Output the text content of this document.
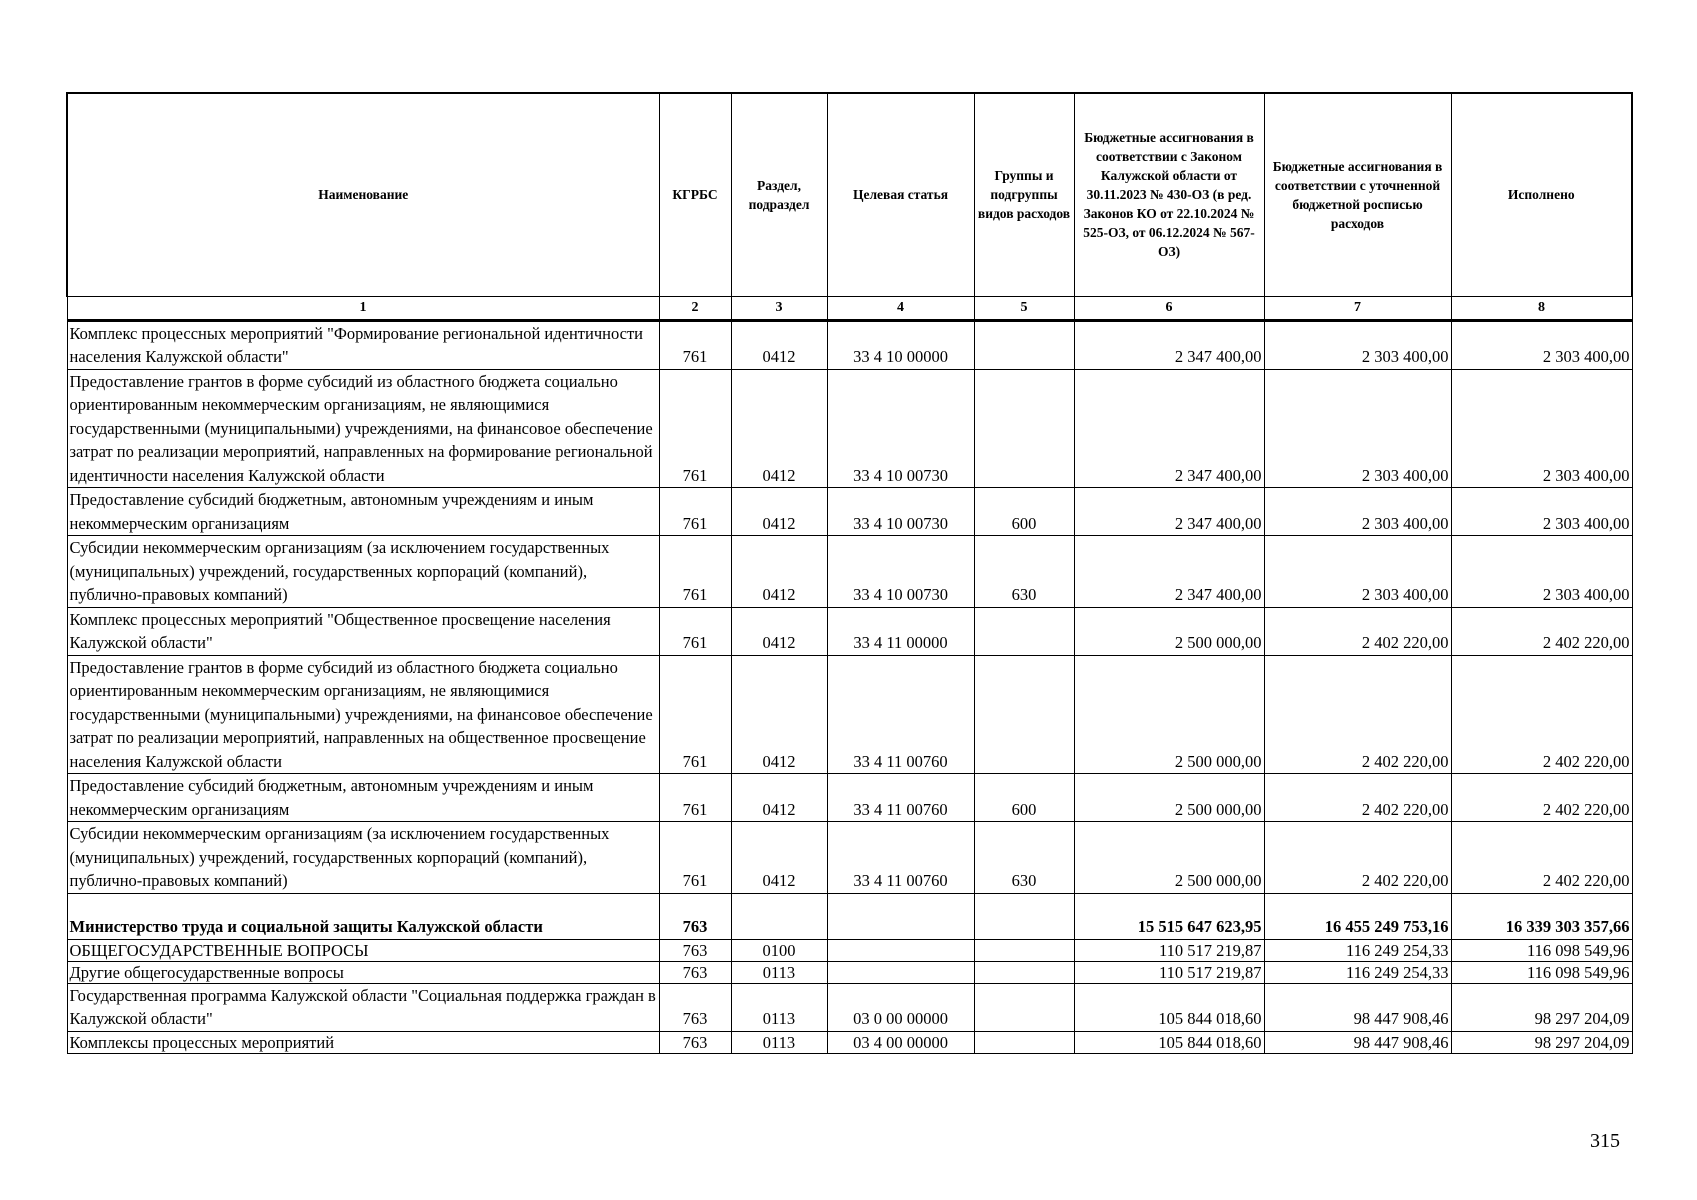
Наименование	КГРБС	Раздел, подраздел	Целевая статья	Группы и подгруппы видов расходов	Бюджетные ассигнования в соответствии с Законом Калужской области от 30.11.2023 № 430-ОЗ (в ред. Законов КО от 22.10.2024 № 525-ОЗ, от 06.12.2024 № 567-ОЗ)	Бюджетные ассигнования в соответствии с уточненной бюджетной росписью расходов	Исполнено
1	2	3	4	5	6	7	8
Комплекс процессных мероприятий "Формирование региональной идентичности населения Калужской области"	761	0412	33 4 10 00000		2 347 400,00	2 303 400,00	2 303 400,00
Предоставление грантов в форме субсидий из областного бюджета социально ориентированным некоммерческим организациям, не являющимися государственными (муниципальными) учреждениями, на финансовое обеспечение затрат по реализации мероприятий, направленных на формирование региональной идентичности населения Калужской области	761	0412	33 4 10 00730		2 347 400,00	2 303 400,00	2 303 400,00
Предоставление субсидий бюджетным, автономным учреждениям и иным некоммерческим организациям	761	0412	33 4 10 00730	600	2 347 400,00	2 303 400,00	2 303 400,00
Субсидии некоммерческим организациям (за исключением государственных (муниципальных) учреждений, государственных корпораций (компаний), публично-правовых компаний)	761	0412	33 4 10 00730	630	2 347 400,00	2 303 400,00	2 303 400,00
Комплекс процессных мероприятий "Общественное просвещение населения Калужской области"	761	0412	33 4 11 00000		2 500 000,00	2 402 220,00	2 402 220,00
Предоставление грантов в форме субсидий из областного бюджета социально ориентированным некоммерческим организациям, не являющимися государственными (муниципальными) учреждениями, на финансовое обеспечение затрат по реализации мероприятий, направленных на общественное просвещение населения Калужской области	761	0412	33 4 11 00760		2 500 000,00	2 402 220,00	2 402 220,00
Предоставление субсидий бюджетным, автономным учреждениям и иным некоммерческим организациям	761	0412	33 4 11 00760	600	2 500 000,00	2 402 220,00	2 402 220,00
Субсидии некоммерческим организациям (за исключением государственных (муниципальных) учреждений, государственных корпораций (компаний), публично-правовых компаний)	761	0412	33 4 11 00760	630	2 500 000,00	2 402 220,00	2 402 220,00
Министерство труда и социальной защиты Калужской области	763				15 515 647 623,95	16 455 249 753,16	16 339 303 357,66
ОБЩЕГОСУДАРСТВЕННЫЕ ВОПРОСЫ	763	0100			110 517 219,87	116 249 254,33	116 098 549,96
Другие общегосударственные вопросы	763	0113			110 517 219,87	116 249 254,33	116 098 549,96
Государственная программа Калужской области "Социальная поддержка граждан в Калужской области"	763	0113	03 0 00 00000		105 844 018,60	98 447 908,46	98 297 204,09
Комплексы процессных мероприятий	763	0113	03 4 00 00000		105 844 018,60	98 447 908,46	98 297 204,09
315
